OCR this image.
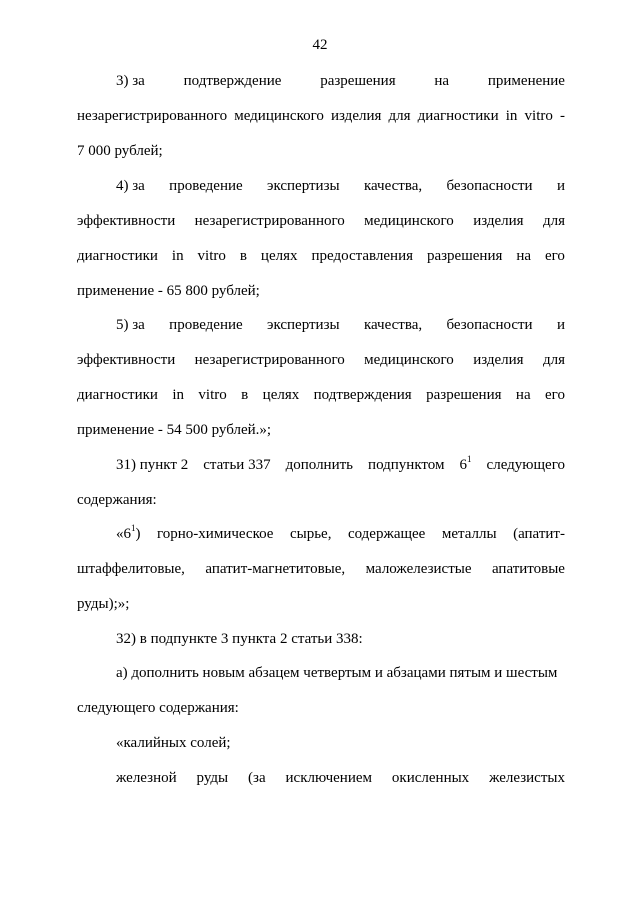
42
3) за	подтверждение	разрешения	на	применение
незарегистрированного медицинского изделия для диагностики in vitro -
7 000 рублей;
4) за проведение экспертизы качества, безопасности и
эффективности незарегистрированного медицинского изделия для
диагностики in vitro в целях предоставления разрешения на его
применение - 65 800 рублей;
5) за проведение экспертизы качества, безопасности и
эффективности незарегистрированного медицинского изделия для
диагностики in vitro в целях подтверждения разрешения на его
применение - 54 500 рублей.»;
31) пункт 2 статьи 337 дополнить подпунктом $6^1$ следующего
содержания:
«$6^1$) горно-химическое сырье, содержащее металлы (апатит-
штаффелитовые, апатит-магнетитовые, маложелезистые апатитовые
руды);»;
32) в подпункте 3 пункта 2 статьи 338:
а) дополнить новым абзацем четвертым и абзацами пятым и шестым
следующего содержания:
«калийных солей;
железной руды (за исключением окисленных железистых
